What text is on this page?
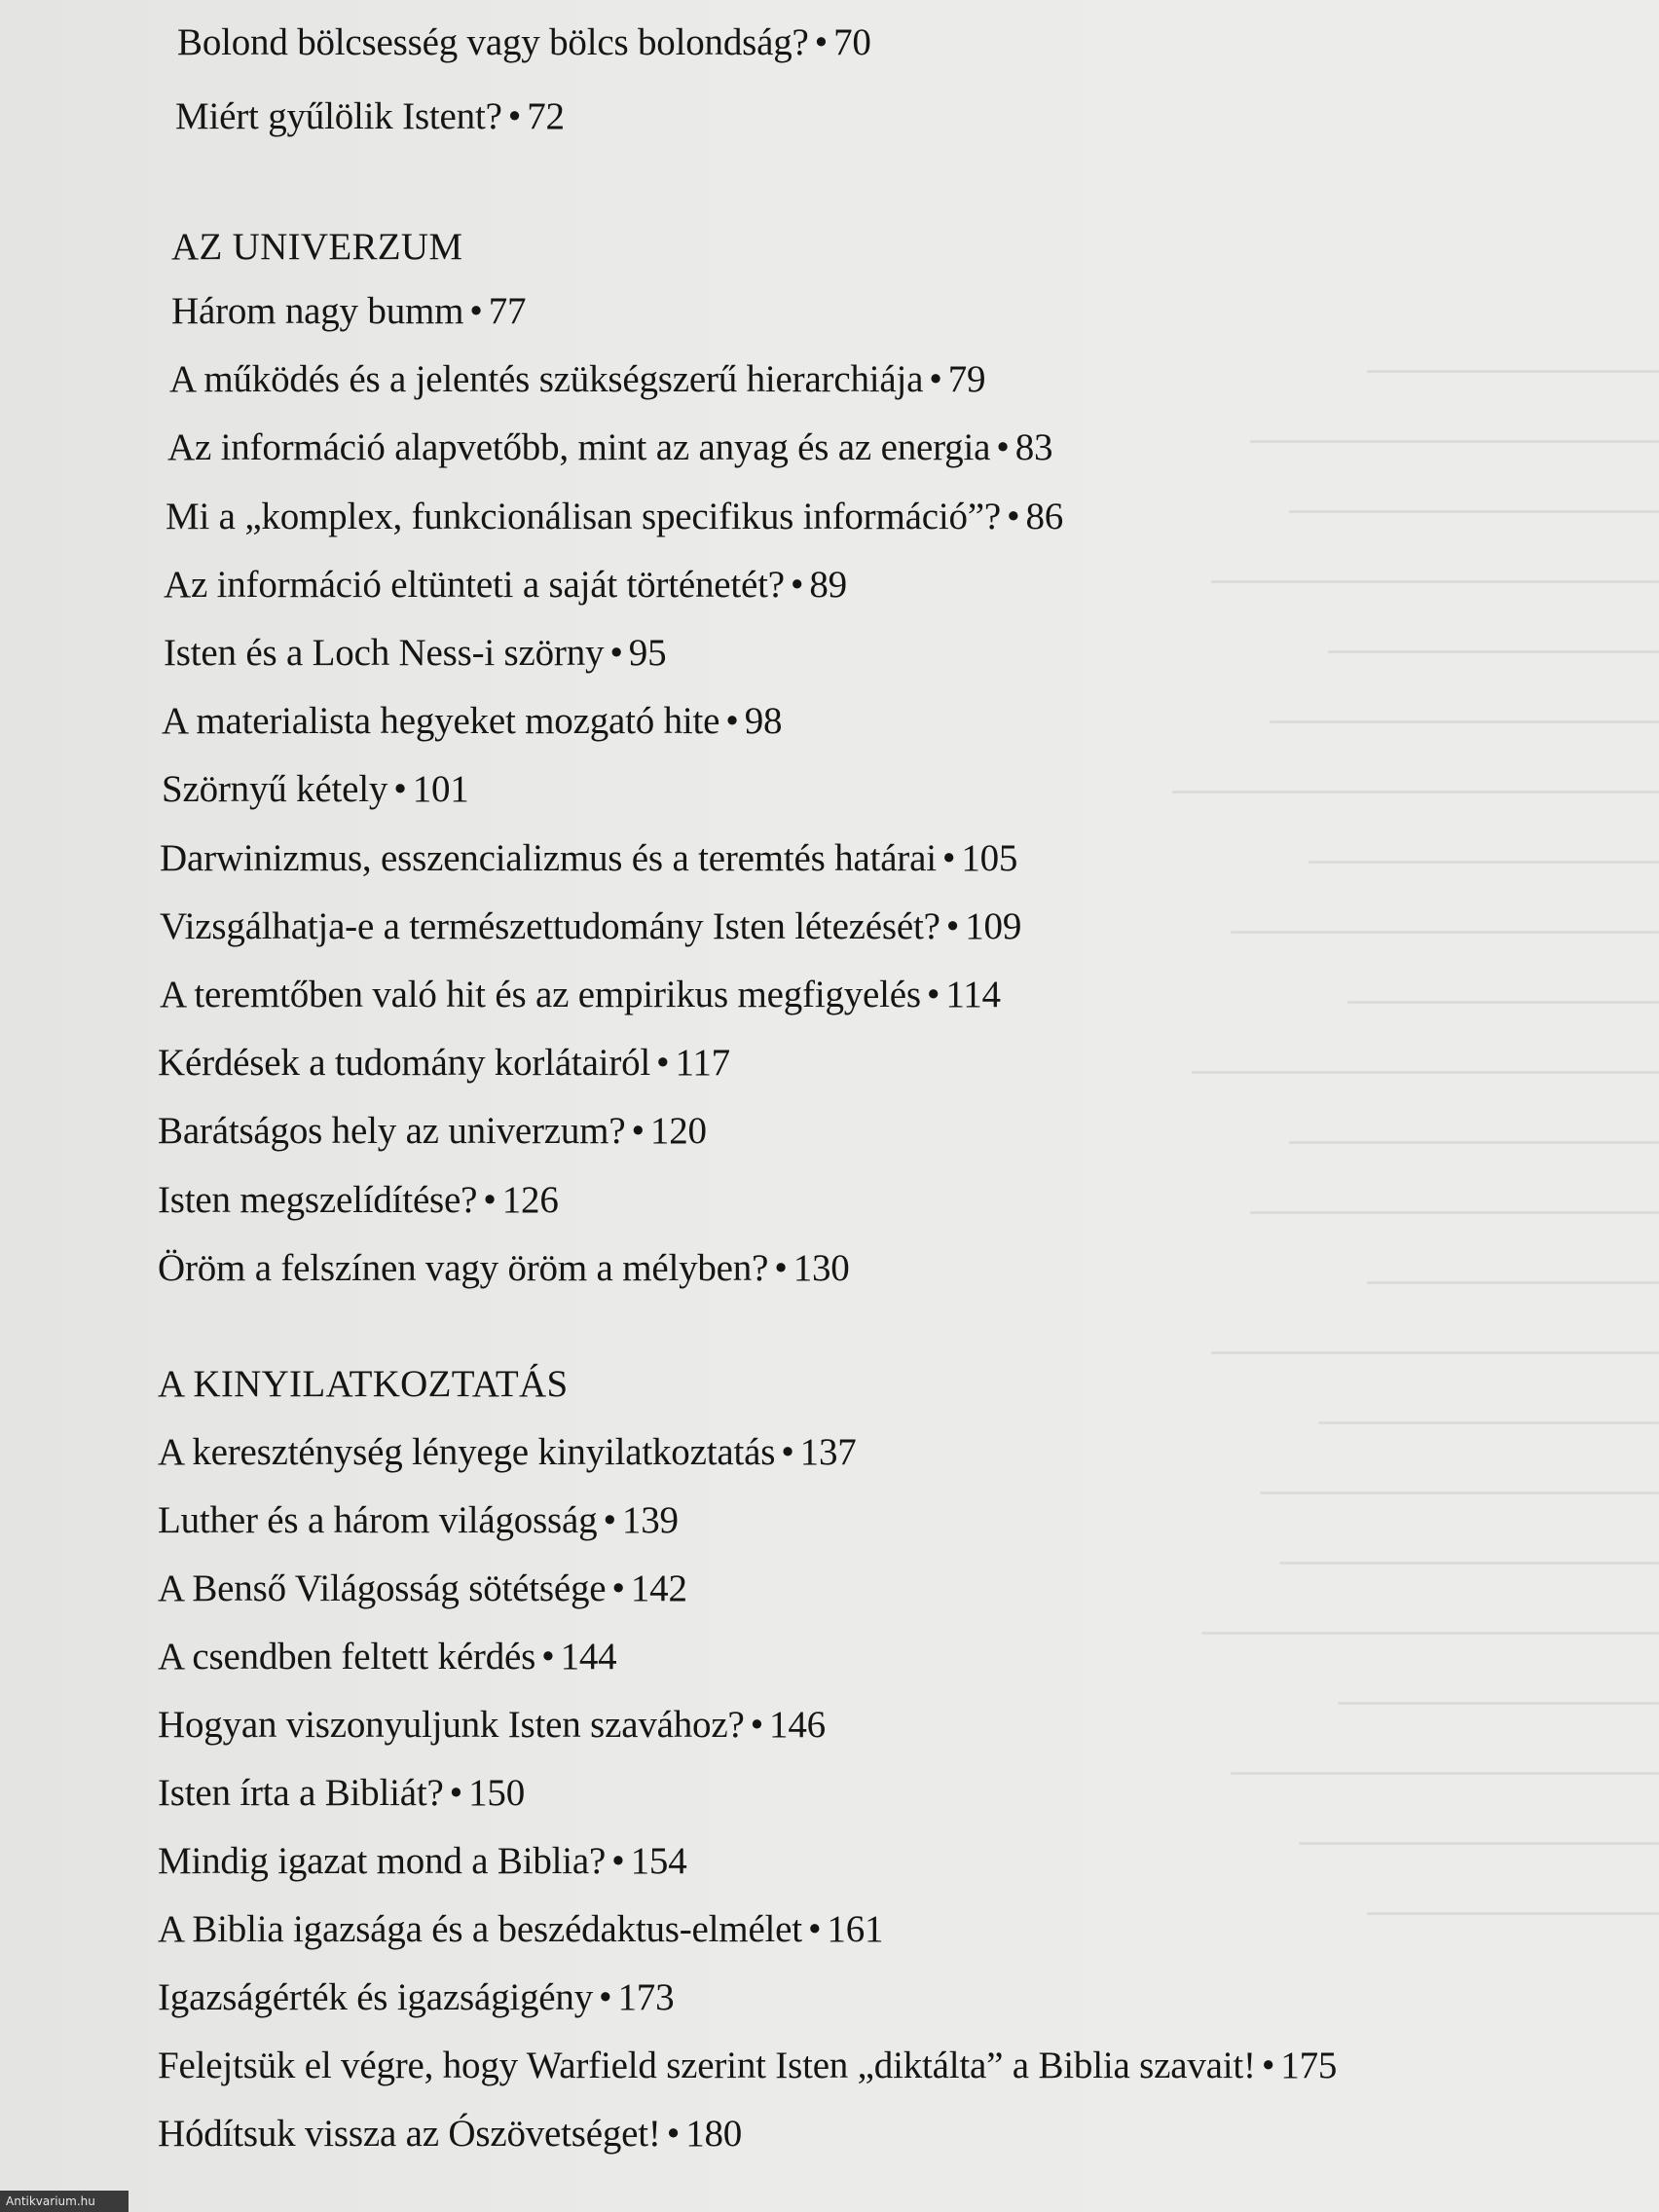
Bolond bölcsesség vagy bölcs bolondság? • 70
Miért gyűlölik Istent? • 72
AZ UNIVERZUM
Három nagy bumm • 77
A működés és a jelentés szükségszerű hierarchiája • 79
Az információ alapvetőbb, mint az anyag és az energia • 83
Mi a „komplex, funkcionálisan specifikus információ”? • 86
Az információ eltünteti a saját történetét? • 89
Isten és a Loch Ness-i szörny • 95
A materialista hegyeket mozgató hite • 98
Szörnyű kétely • 101
Darwinizmus, esszencializmus és a teremtés határai • 105
Vizsgálhatja-e a természettudomány Isten létezését? • 109
A teremtőben való hit és az empirikus megfigyelés • 114
Kérdések a tudomány korlátairól • 117
Barátságos hely az univerzum? • 120
Isten megszelídítése? • 126
Öröm a felszínen vagy öröm a mélyben? • 130
A KINYILATKOZTATÁS
A kereszténység lényege kinyilatkoztatás • 137
Luther és a három világosság • 139
A Benső Világosság sötétsége • 142
A csendben feltett kérdés • 144
Hogyan viszonyuljunk Isten szavához? • 146
Isten írta a Bibliát? • 150
Mindig igazat mond a Biblia? • 154
A Biblia igazsága és a beszédaktus-elmélet • 161
Igazságérték és igazságigény • 173
Felejtsük el végre, hogy Warfield szerint Isten „diktálta” a Biblia szavait! • 175
Hódítsuk vissza az Ószövetséget! • 180
Antikvarium.hu
